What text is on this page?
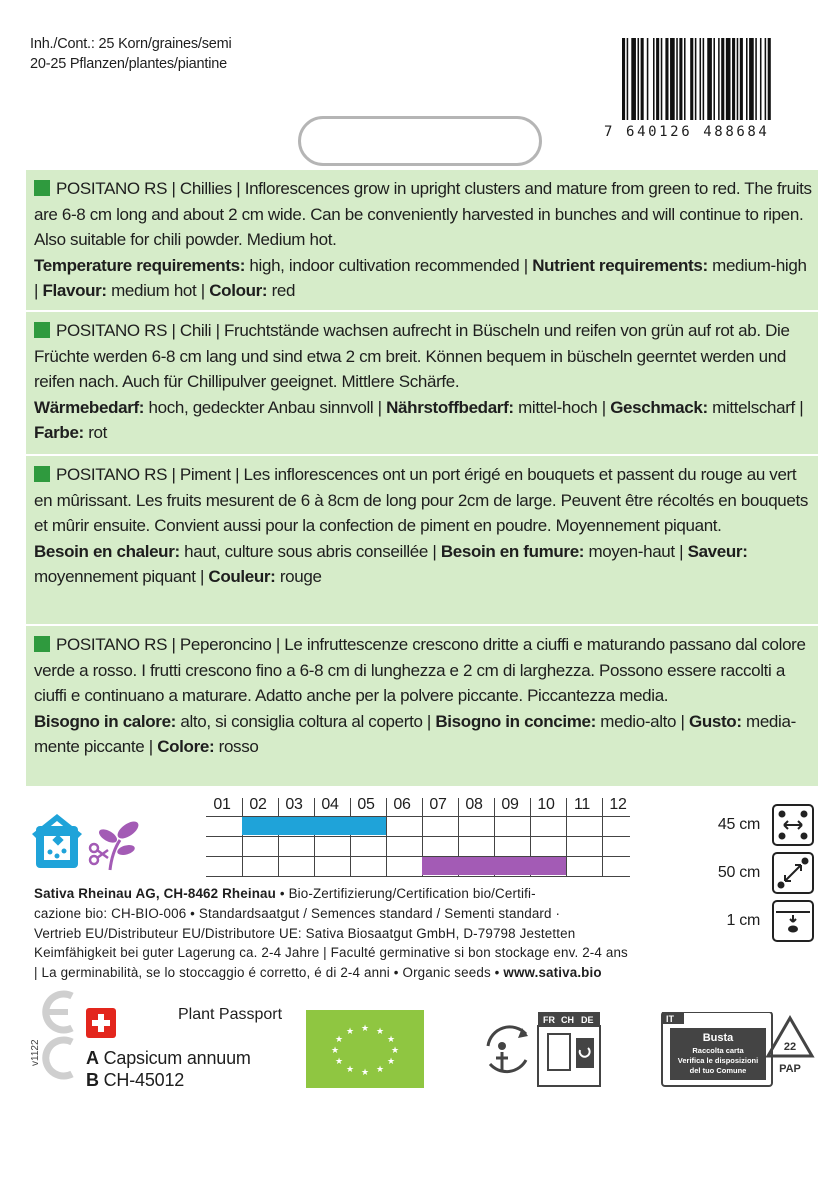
Inh./Cont.: 25 Korn/graines/semi
20-25 Pflanzen/plantes/piantine
7 640126 488684
POSITANO RS | Chillies | Inflorescences grow in upright clusters and mature from green to red. The fruits are 6-8 cm long and about 2 cm wide. Can be conveniently harvested in bunches and will continue to ripen. Also suitable for chili powder. Medium hot.
Temperature requirements: high, indoor cultivation recommended | Nutrient requirements: medium-high | Flavour: medium hot | Colour: red
POSITANO RS | Chili | Fruchtstände wachsen aufrecht in Büscheln und reifen von grün auf rot ab. Die Früchte werden 6-8 cm lang und sind etwa 2 cm breit. Können bequem in büscheln geerntet werden und reifen nach. Auch für Chillipulver geeignet. Mittlere Schärfe.
Wärmebedarf: hoch, gedeckter Anbau sinnvoll | Nährstoffbedarf: mittel-hoch | Geschmack: mittelscharf | Farbe: rot
POSITANO RS | Piment | Les inflorescences ont un port érigé en bouquets et passent du rouge au vert en mûrissant. Les fruits mesurent de 6 à 8cm de long pour 2cm de large. Peuvent être récoltés en bouquets et mûrir ensuite. Convient aussi pour la confection de piment en poudre. Moyennement piquant.
Besoin en chaleur: haut, culture sous abris conseillée | Besoin en fumure: moyen-haut | Saveur: moyennement piquant | Couleur: rouge
POSITANO RS | Peperoncino | Le infruttescenze crescono dritte a ciuffi e maturando passano dal colore verde a rosso. I frutti crescono fino a 6-8 cm di lunghezza e 2 cm di larghezza. Possono essere raccolti a ciuffi e continuano a maturare. Adatto anche per la polvere piccante. Piccantezza media.
Bisogno in calore: alto, si consiglia coltura al coperto | Bisogno in concime: medio-alto | Gusto: mediamente piccante | Colore: rosso
01	02	03	04	05	06	07	08	09	10	11	12
45 cm
50 cm
1 cm
Sativa Rheinau AG, CH-8462 Rheinau • Bio-Zertifizierung/Certification bio/Certifi-
cazione bio: CH-BIO-006 • Standardsaatgut / Semences standard / Sementi standard ·
Vertrieb EU/Distributeur EU/Distributore UE: Sativa Biosaatgut GmbH, D-79798 Jestetten
Keimfähigkeit bei guter Lagerung ca. 2-4 Jahre | Faculté germinative si bon stockage env. 2-4 ans
| La germinabilità, se lo stoccaggio é corretto, é di 2-4 anni • Organic seeds • www.sativa.bio
v1122
Plant Passport
A Capsicum annuum
B CH-45012
★ ★
★
★
★
★
★
★
★
★
★
★
FR CH DE	IT
Busta
Raccolta carta
Verifica le disposizioni
del tuo Comune
22
PAP
